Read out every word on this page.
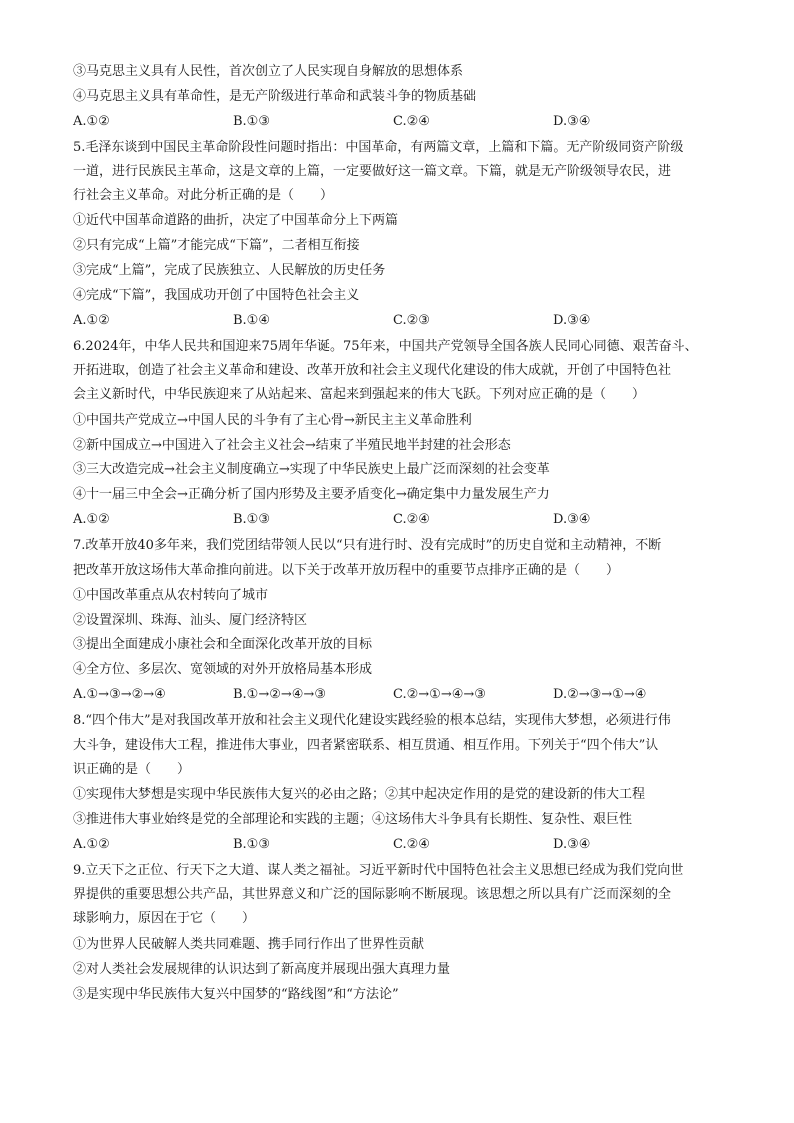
③马克思主义具有人民性，首次创立了人民实现自身解放的思想体系
④马克思主义具有革命性，是无产阶级进行革命和武装斗争的物质基础
A.①②	B.①③	C.②④	D.③④
5.毛泽东谈到中国民主革命阶段性问题时指出：中国革命，有两篇文章，上篇和下篇。无产阶级同资产阶级
一道，进行民族民主革命，这是文章的上篇，一定要做好这一篇文章。下篇，就是无产阶级领导农民，进
行社会主义革命。对此分析正确的是（　　）
①近代中国革命道路的曲折，决定了中国革命分上下两篇
②只有完成“上篇”才能完成“下篇”，二者相互衔接
③完成“上篇”，完成了民族独立、人民解放的历史任务
④完成“下篇”，我国成功开创了中国特色社会主义
A.①②	B.①④	C.②③	D.③④
6.2024年，中华人民共和国迎来75周年华诞。75年来，中国共产党领导全国各族人民同心同德、艰苦奋斗、
开拓进取，创造了社会主义革命和建设、改革开放和社会主义现代化建设的伟大成就，开创了中国特色社
会主义新时代，中华民族迎来了从站起来、富起来到强起来的伟大飞跃。下列对应正确的是（　　）
①中国共产党成立→中国人民的斗争有了主心骨→新民主主义革命胜利
②新中国成立→中国进入了社会主义社会→结束了半殖民地半封建的社会形态
③三大改造完成→社会主义制度确立→实现了中华民族史上最广泛而深刻的社会变革
④十一届三中全会→正确分析了国内形势及主要矛盾变化→确定集中力量发展生产力
A.①②	B.①③	C.②④	D.③④
7.改革开放40多年来，我们党团结带领人民以“只有进行时、没有完成时”的历史自觉和主动精神，不断
把改革开放这场伟大革命推向前进。以下关于改革开放历程中的重要节点排序正确的是（　　）
①中国改革重点从农村转向了城市
②设置深圳、珠海、汕头、厦门经济特区
③提出全面建成小康社会和全面深化改革开放的目标
④全方位、多层次、宽领域的对外开放格局基本形成
A.①→③→②→④	B.①→②→④→③	C.②→①→④→③	D.②→③→①→④
8.“四个伟大”是对我国改革开放和社会主义现代化建设实践经验的根本总结，实现伟大梦想，必须进行伟
大斗争，建设伟大工程，推进伟大事业，四者紧密联系、相互贯通、相互作用。下列关于“四个伟大”认
识正确的是（　　）
①实现伟大梦想是实现中华民族伟大复兴的必由之路；②其中起决定作用的是党的建设新的伟大工程
③推进伟大事业始终是党的全部理论和实践的主题；④这场伟大斗争具有长期性、复杂性、艰巨性
A.①②	B.①③	C.②④	D.③④
9.立天下之正位、行天下之大道、谋人类之福祉。习近平新时代中国特色社会主义思想已经成为我们党向世
界提供的重要思想公共产品，其世界意义和广泛的国际影响不断展现。该思想之所以具有广泛而深刻的全
球影响力，原因在于它（　　）
①为世界人民破解人类共同难题、携手同行作出了世界性贡献
②对人类社会发展规律的认识达到了新高度并展现出强大真理力量
③是实现中华民族伟大复兴中国梦的“路线图”和“方法论”
